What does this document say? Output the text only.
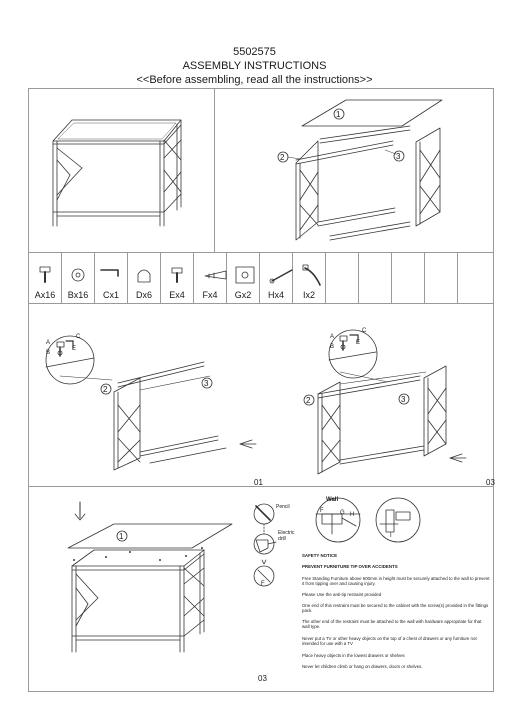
5502575
ASSEMBLY INSTRUCTIONS
<<Before assembling, read all the instructions>>
1
2	3
Ax16	Bx16	Cx1	Dx6	Ex4	Fx4	Gx2	Hx4	Ix2
A
B
C
E
2
3
A
B
C
E
2	3
01	03
03
1
Pencil
Electric drill
Wall
F	G H
F
I
SAFETY NOTICE
PREVENT FURNITURE TIP OVER ACCIDENTS
Free Standing Furniture above 600mm in height must be securely attached to the wall to prevent it from tipping over and causing injury.
Please Use the anti-tip restraint provided
One end of this restraint must be secured to the cabinet with the screw(s) provided in the fittings pack.
The other end of the restraint must be attached to the wall with hardware appropriate for that wall type.
Never put a TV or other heavy objects on the top of a chest of drawers or any furniture not intended for use with a TV
Place heavy objects in the lowest drawers or shelves
Never let children climb or hang on drawers, doors or shelves.
